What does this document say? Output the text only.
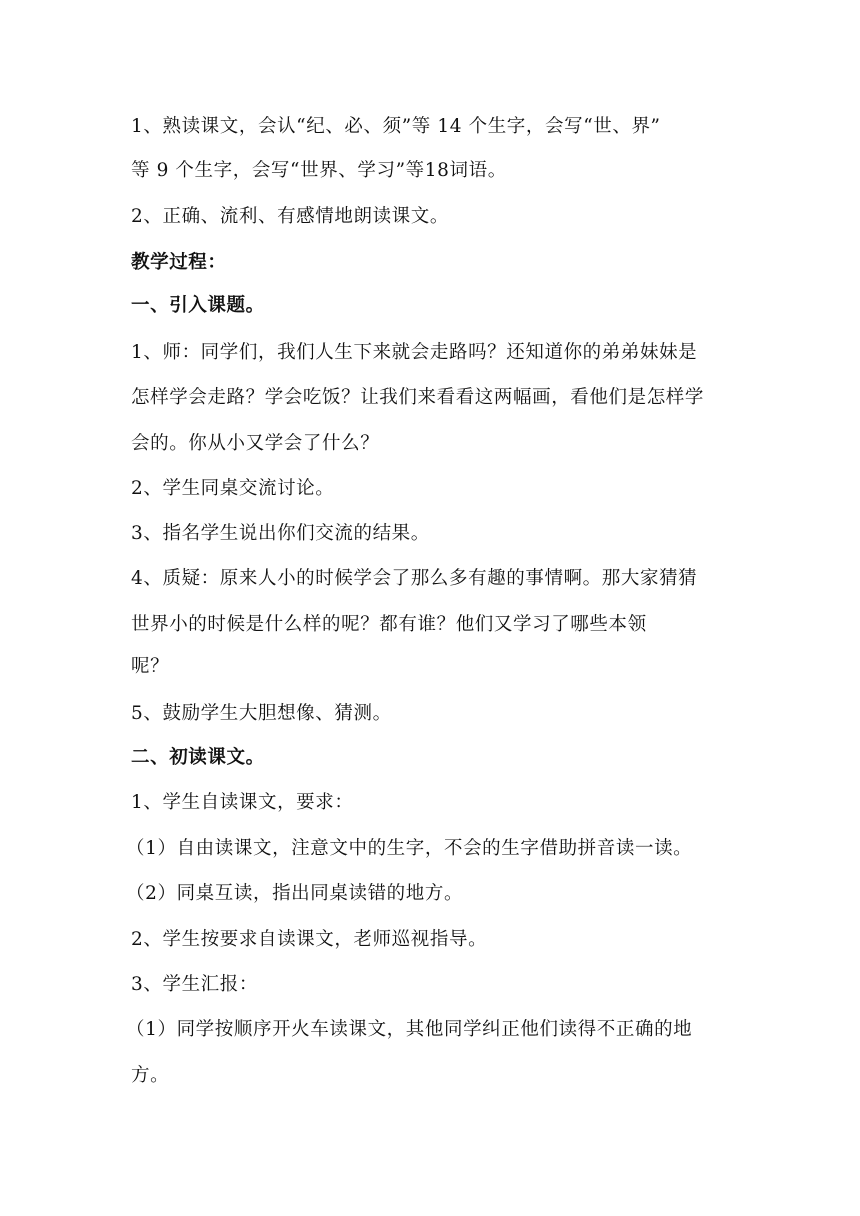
1、熟读课文，会认“纪、必、须”等 14 个生字，会写“世、界”
等 9 个生字，会写“世界、学习”等18词语。
2、正确、流利、有感情地朗读课文。
教学过程：
一、引入课题。
1、师：同学们，我们人生下来就会走路吗？还知道你的弟弟妹妹是
怎样学会走路？学会吃饭？让我们来看看这两幅画，看他们是怎样学
会的。你从小又学会了什么？
2、学生同桌交流讨论。
3、指名学生说出你们交流的结果。
4、质疑：原来人小的时候学会了那么多有趣的事情啊。那大家猜猜
世界小的时候是什么样的呢？都有谁？他们又学习了哪些本领
呢？
5、鼓励学生大胆想像、猜测。
二、初读课文。
1、学生自读课文，要求：
（1）自由读课文，注意文中的生字，不会的生字借助拼音读一读。
（2）同桌互读，指出同桌读错的地方。
2、学生按要求自读课文，老师巡视指导。
3、学生汇报：
（1）同学按顺序开火车读课文，其他同学纠正他们读得不正确的地
方。
